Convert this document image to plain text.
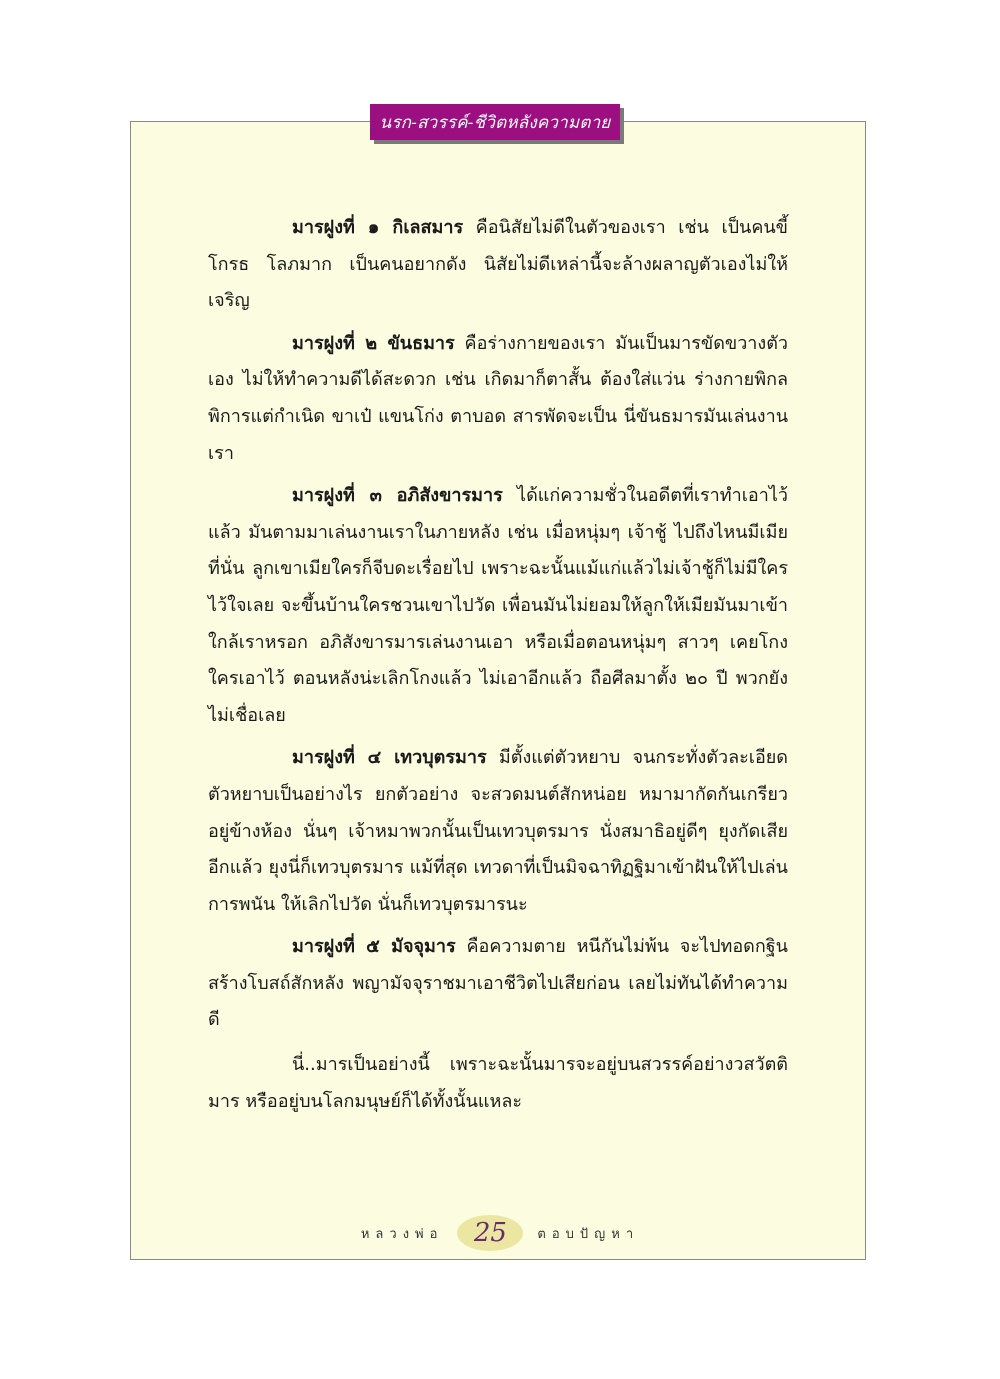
นรก-สวรรค์-ชีวิตหลังความตาย

มารฝูงที่ ๑ กิเลสมาร คือนิสัยไม่ดีในตัวของเรา เช่น เป็นคนขี้โกรธ โลภมาก เป็นคนอยากดัง นิสัยไม่ดีเหล่านี้จะล้างผลาญตัวเองไม่ให้เจริญ

มารฝูงที่ ๒ ขันธมาร คือร่างกายของเรา มันเป็นมารขัดขวางตัวเอง ไม่ให้ทำความดีได้สะดวก เช่น เกิดมาก็ตาสั้น ต้องใส่แว่น ร่างกายพิกลพิการแต่กำเนิด ขาเป๋ แขนโก่ง ตาบอด สารพัดจะเป็น นี่ขันธมารมันเล่นงานเรา

มารฝูงที่ ๓ อภิสังขารมาร ได้แก่ความชั่วในอดีตที่เราทำเอาไว้แล้ว มันตามมาเล่นงานเราในภายหลัง เช่น เมื่อหนุ่มๆ เจ้าชู้ ไปถึงไหนมีเมียที่นั่น ลูกเขาเมียใครก็จีบดะเรื่อยไป เพราะฉะนั้นแม้แก่แล้วไม่เจ้าชู้ก็ไม่มีใครไว้ใจเลย จะขึ้นบ้านใครชวนเขาไปวัด เพื่อนมันไม่ยอมให้ลูกให้เมียมันมาเข้าใกล้เราหรอก อภิสังขารมารเล่นงานเอา หรือเมื่อตอนหนุ่มๆ สาวๆ เคยโกงใครเอาไว้ ตอนหลังน่ะเลิกโกงแล้ว ไม่เอาอีกแล้ว ถือศีลมาตั้ง ๒๐ ปี พวกยังไม่เชื่อเลย

มารฝูงที่ ๔ เทวบุตรมาร มีตั้งแต่ตัวหยาบ จนกระทั่งตัวละเอียด ตัวหยาบเป็นอย่างไร ยกตัวอย่าง จะสวดมนต์สักหน่อย หมามากัดกันเกรียวอยู่ข้างห้อง นั่นๆ เจ้าหมาพวกนั้นเป็นเทวบุตรมาร นั่งสมาธิอยู่ดีๆ ยุงกัดเสียอีกแล้ว ยุงนี่ก็เทวบุตรมาร แม้ที่สุด เทวดาที่เป็นมิจฉาทิฏฐิมาเข้าฝันให้ไปเล่นการพนัน ให้เลิกไปวัด นั่นก็เทวบุตรมารนะ

มารฝูงที่ ๕ มัจจุมาร คือความตาย หนีกันไม่พ้น จะไปทอดกฐินสร้างโบสถ์สักหลัง พญามัจจุราชมาเอาชีวิตไปเสียก่อน เลยไม่ทันได้ทำความดี

นี่..มารเป็นอย่างนี้ เพราะฉะนั้นมารจะอยู่บนสวรรค์อย่างวสวัตติมาร หรืออยู่บนโลกมนุษย์ก็ได้ทั้งนั้นแหละ

หลวงพ่อ 25 ตอบปัญหา
